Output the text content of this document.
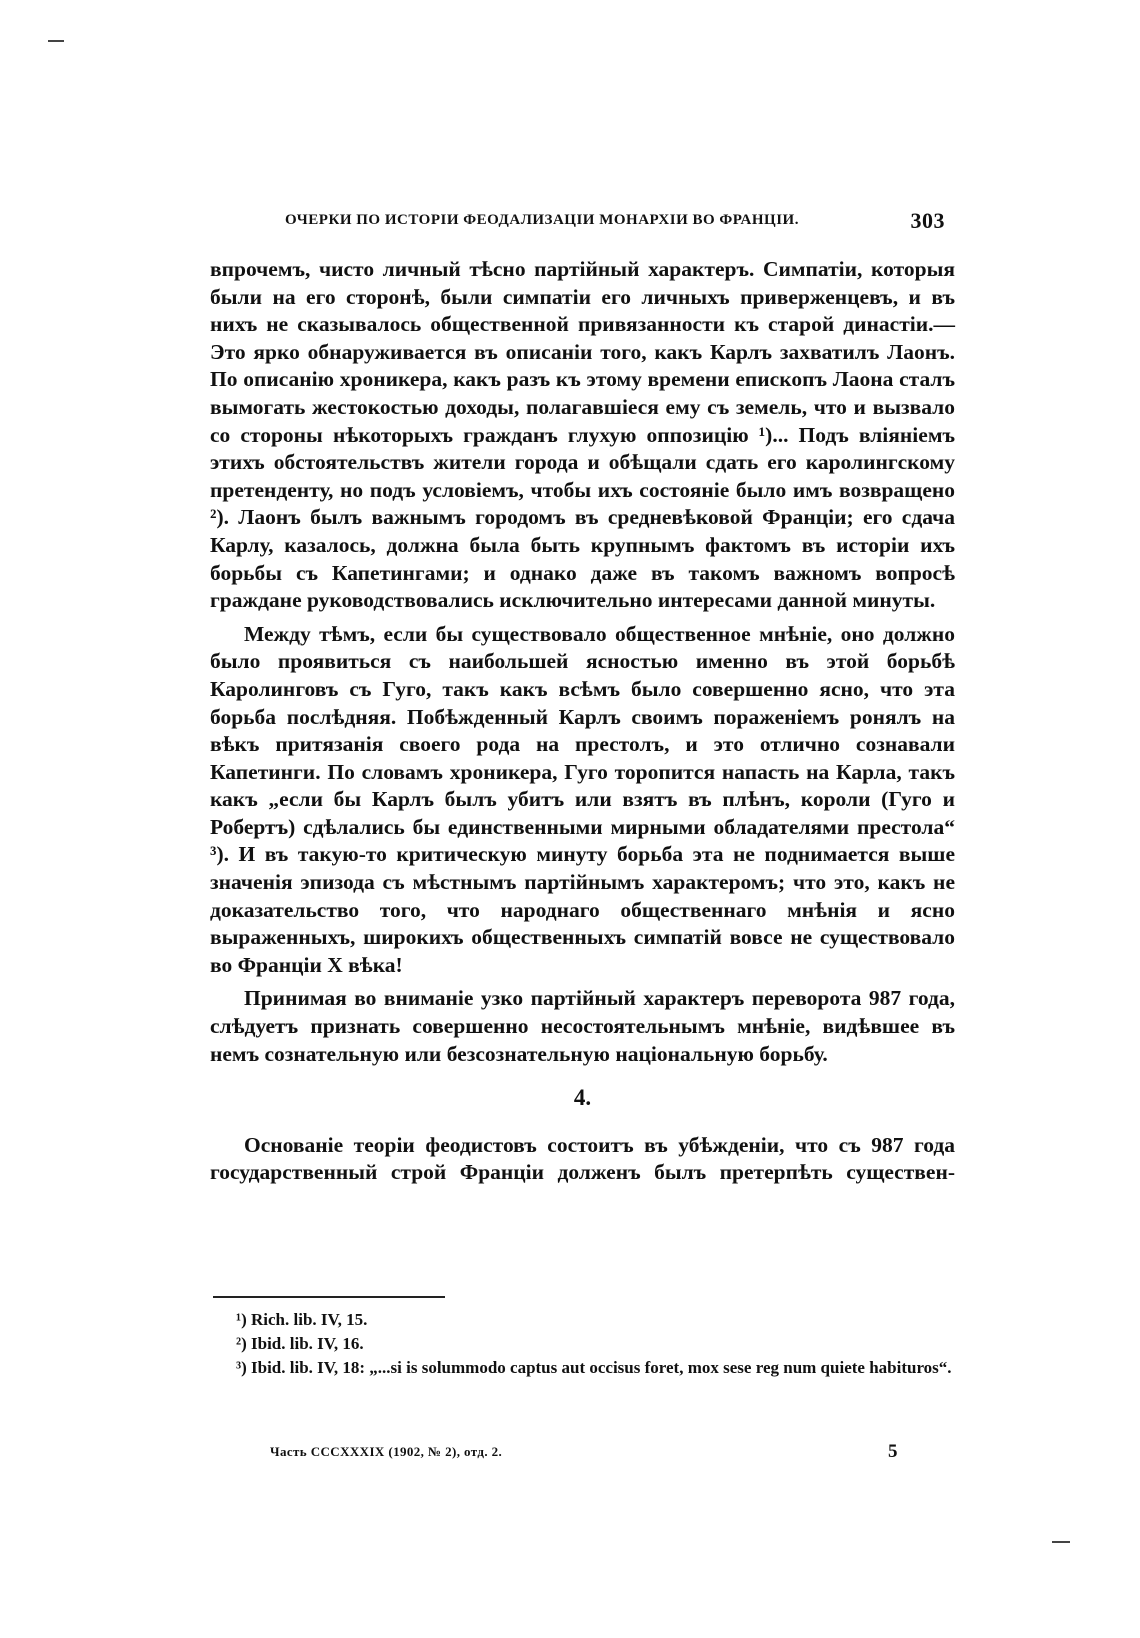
ОЧЕРКИ ПО ИСТОРІИ ФЕОДАЛИЗАЦІИ МОНАРХІИ ВО ФРАНЦІИ.	303

впрочемъ, чисто личный тѣсно партійный характеръ. Симпатіи, которыя были на его сторонѣ, были симпатіи его личныхъ приверженцевъ, и въ нихъ не сказывалось общественной привязанности къ старой династіи.—Это ярко обнаруживается въ описаніи того, какъ Карлъ захватилъ Лаонъ. По описанію хроникера, какъ разъ къ этому времени епископъ Лаона сталъ вымогать жестокостью доходы, полагавшіеся ему съ земель, что и вызвало со стороны нѣкоторыхъ гражданъ глухую оппозицію ¹)... Подъ вліяніемъ этихъ обстоятельствъ жители города и обѣщали сдать его каролингскому претенденту, но подъ условіемъ, чтобы ихъ состояніе было имъ возвращено ²). Лаонъ былъ важнымъ городомъ въ средневѣковой Франціи; его сдача Карлу, казалось, должна была быть крупнымъ фактомъ въ исторіи ихъ борьбы съ Капетингами; и однако даже въ такомъ важномъ вопросѣ граждане руководствовались исключительно интересами данной минуты.

Между тѣмъ, если бы существовало общественное мнѣніе, оно должно было проявиться съ наибольшей ясностью именно въ этой борьбѣ Каролинговъ съ Гуго, такъ какъ всѣмъ было совершенно ясно, что эта борьба послѣдняя. Побѣжденный Карлъ своимъ пораженіемъ ронялъ на вѣкъ притязанія своего рода на престолъ, и это отлично сознавали Капетинги. По словамъ хроникера, Гуго торопится напасть на Карла, такъ какъ „если бы Карлъ былъ убитъ или взятъ въ плѣнъ, короли (Гуго и Робертъ) сдѣлались бы единственными мирными обладателями престола“ ³). И въ такую-то критическую минуту борьба эта не поднимается выше значенія эпизода съ мѣстнымъ партійнымъ характеромъ; что это, какъ не доказательство того, что народнаго общественнаго мнѣнія и ясно выраженныхъ, широкихъ общественныхъ симпатій вовсе не существовало во Франціи X вѣка!

Принимая во вниманіе узко партійный характеръ переворота 987 года, слѣдуетъ признать совершенно несостоятельнымъ мнѣніе, видѣвшее въ немъ сознательную или безсознательную національную борьбу.

4.

Основаніе теоріи феодистовъ состоитъ въ убѣжденіи, что съ 987 года государственный строй Франціи долженъ былъ претерпѣть существен-

¹) Rich. lib. IV, 15.

²) Ibid. lib. IV, 16.

³) Ibid. lib. IV, 18: „...si is solummodo captus aut occisus foret, mox sese reg num quiete habituros“.

Часть CCCXXXIX (1902, № 2), отд. 2.	5
